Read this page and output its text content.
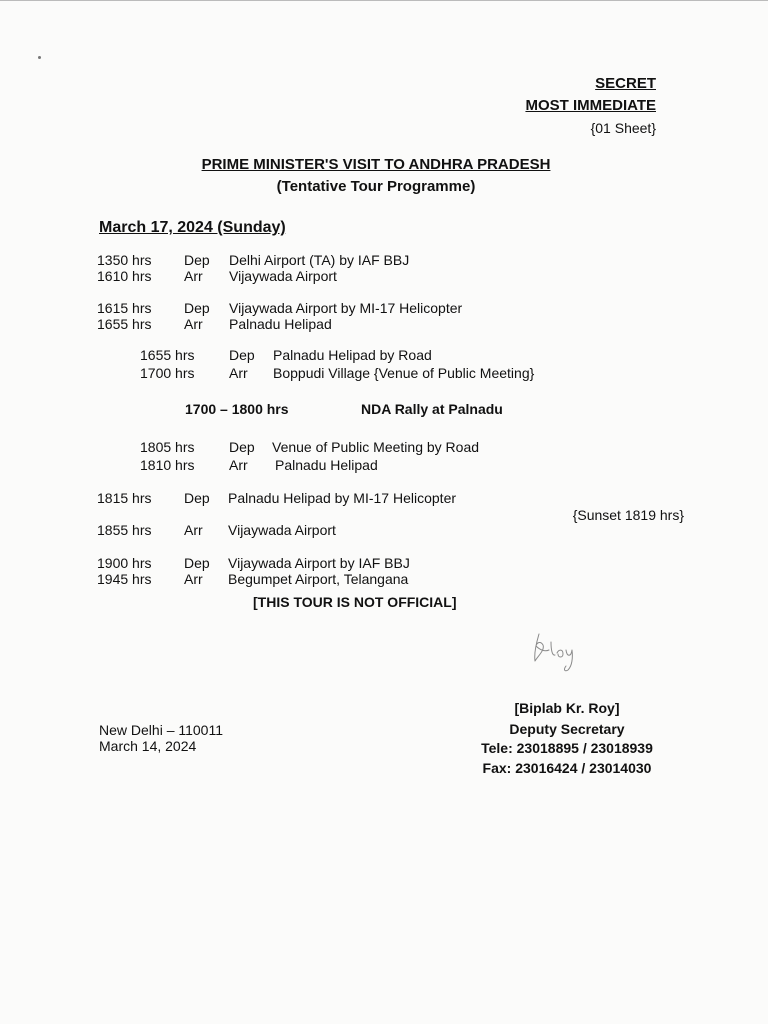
SECRET
MOST IMMEDIATE
{01 Sheet}
PRIME MINISTER'S VISIT TO ANDHRA PRADESH
(Tentative Tour Programme)
March 17, 2024 (Sunday)
1350 hrs Dep Delhi Airport (TA) by IAF BBJ
1610 hrs Arr Vijaywada Airport
1615 hrs Dep Vijaywada Airport by MI-17 Helicopter
1655 hrs Arr Palnadu Helipad
1655 hrs Dep Palnadu Helipad by Road
1700 hrs Arr Boppudi Village {Venue of Public Meeting}
1700 – 1800 hrs	NDA Rally at Palnadu
1805 hrs Dep Venue of Public Meeting by Road
1810 hrs Arr Palnadu Helipad
1815 hrs Dep Palnadu Helipad by MI-17 Helicopter
{Sunset 1819 hrs}
1855 hrs Arr Vijaywada Airport
1900 hrs Dep Vijaywada Airport by IAF BBJ
1945 hrs Arr Begumpet Airport, Telangana
[THIS TOUR IS NOT OFFICIAL]
New Delhi – 110011
March 14, 2024
[Biplab Kr. Roy]
Deputy Secretary
Tele: 23018895 / 23018939
Fax: 23016424 / 23014030
